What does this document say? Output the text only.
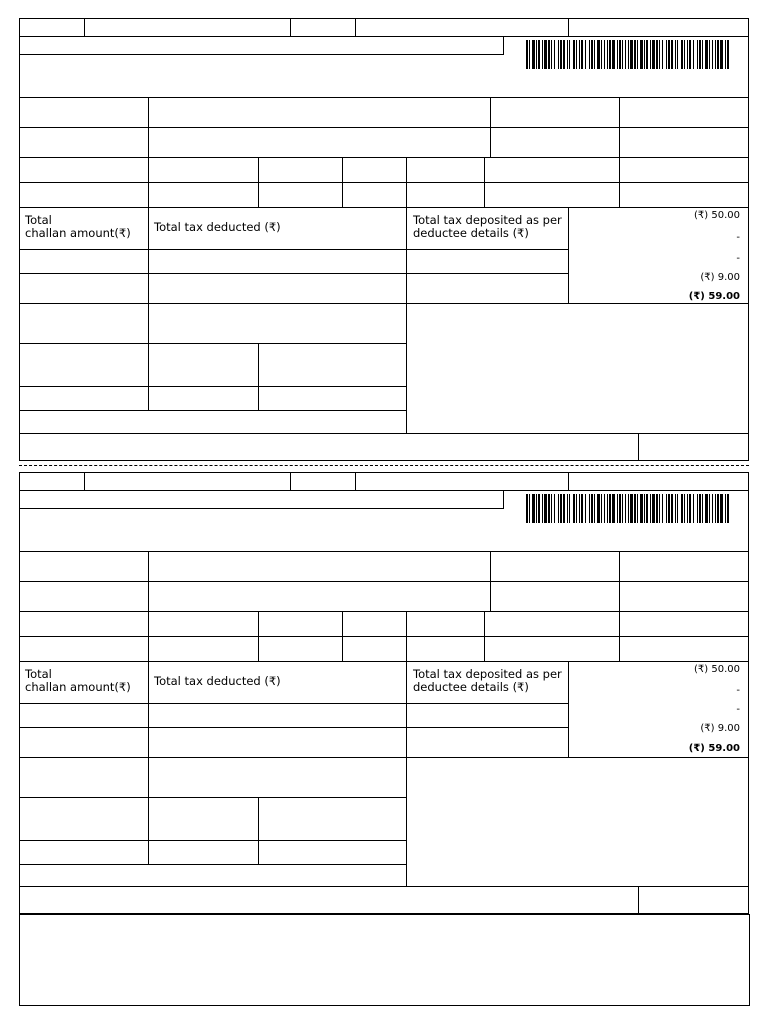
Total
challan amount(₹) Total tax deducted (₹)	Total tax deposited as per deductee details (₹)
(₹) 50.00
-
-
(₹) 9.00
(₹) 59.00
Total
challan amount(₹) Total tax deducted (₹)	Total tax deposited as per deductee details (₹)
(₹) 50.00
-
-
(₹) 9.00
(₹) 59.00
